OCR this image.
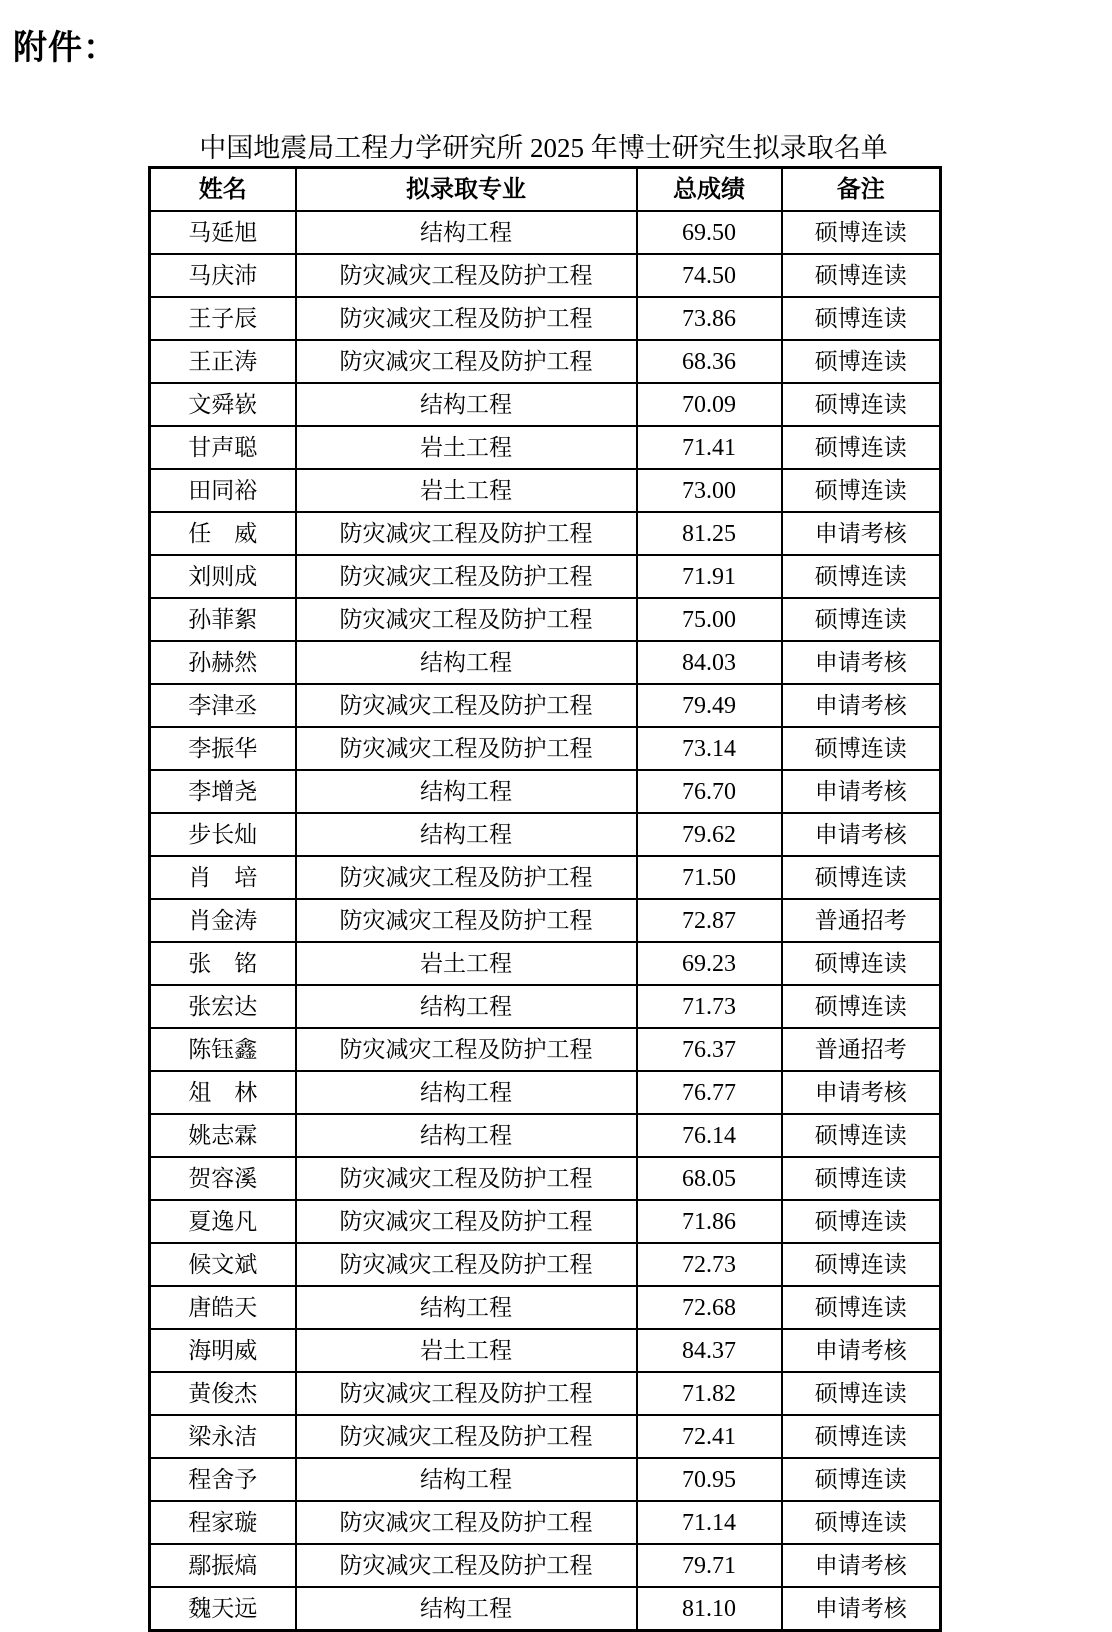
附件：
中国地震局工程力学研究所 2025 年博士研究生拟录取名单
姓名	拟录取专业	总成绩	备注
马延旭	结构工程	69.50	硕博连读
马庆沛	防灾减灾工程及防护工程	74.50	硕博连读
王子辰	防灾减灾工程及防护工程	73.86	硕博连读
王正涛	防灾减灾工程及防护工程	68.36	硕博连读
文舜嵚	结构工程	70.09	硕博连读
甘声聪	岩土工程	71.41	硕博连读
田同裕	岩土工程	73.00	硕博连读
任　威	防灾减灾工程及防护工程	81.25	申请考核
刘则成	防灾减灾工程及防护工程	71.91	硕博连读
孙菲絮	防灾减灾工程及防护工程	75.00	硕博连读
孙赫然	结构工程	84.03	申请考核
李津丞	防灾减灾工程及防护工程	79.49	申请考核
李振华	防灾减灾工程及防护工程	73.14	硕博连读
李增尧	结构工程	76.70	申请考核
步长灿	结构工程	79.62	申请考核
肖　培	防灾减灾工程及防护工程	71.50	硕博连读
肖金涛	防灾减灾工程及防护工程	72.87	普通招考
张　铭	岩土工程	69.23	硕博连读
张宏达	结构工程	71.73	硕博连读
陈钰鑫	防灾减灾工程及防护工程	76.37	普通招考
俎　林	结构工程	76.77	申请考核
姚志霖	结构工程	76.14	硕博连读
贺容溪	防灾减灾工程及防护工程	68.05	硕博连读
夏逸凡	防灾减灾工程及防护工程	71.86	硕博连读
候文斌	防灾减灾工程及防护工程	72.73	硕博连读
唐皓天	结构工程	72.68	硕博连读
海明威	岩土工程	84.37	申请考核
黄俊杰	防灾减灾工程及防护工程	71.82	硕博连读
梁永洁	防灾减灾工程及防护工程	72.41	硕博连读
程舍予	结构工程	70.95	硕博连读
程家璇	防灾减灾工程及防护工程	71.14	硕博连读
鄢振熇	防灾减灾工程及防护工程	79.71	申请考核
魏天远	结构工程	81.10	申请考核
